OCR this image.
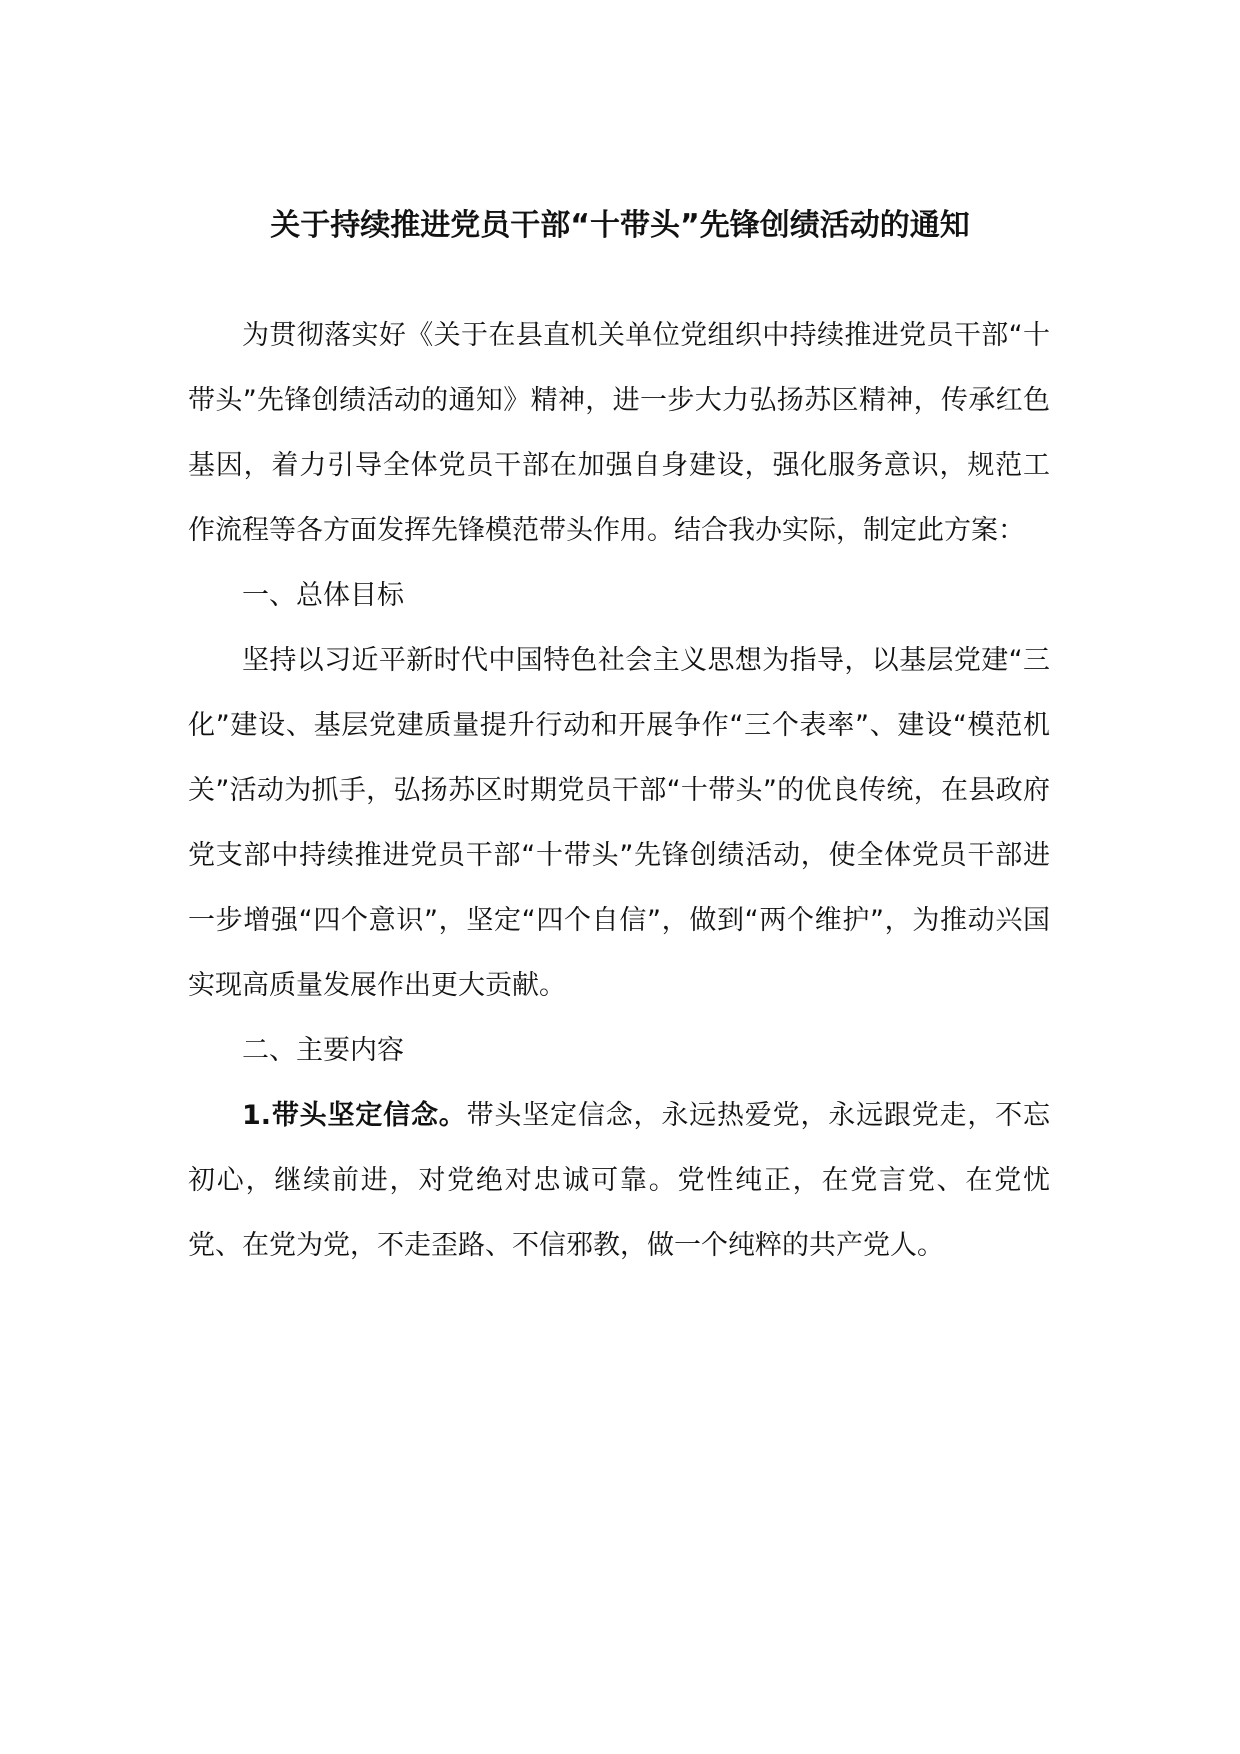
关于持续推进党员干部“十带头”先锋创绩活动的通知

为贯彻落实好《关于在县直机关单位党组织中持续推进党员干部“十带头”先锋创绩活动的通知》精神，进一步大力弘扬苏区精神，传承红色基因，着力引导全体党员干部在加强自身建设，强化服务意识，规范工作流程等各方面发挥先锋模范带头作用。结合我办实际，制定此方案：

一、总体目标

坚持以习近平新时代中国特色社会主义思想为指导，以基层党建“三化”建设、基层党建质量提升行动和开展争作“三个表率”、建设“模范机关”活动为抓手，弘扬苏区时期党员干部“十带头”的优良传统，在县政府党支部中持续推进党员干部“十带头”先锋创绩活动，使全体党员干部进一步增强“四个意识”，坚定“四个自信”，做到“两个维护”，为推动兴国实现高质量发展作出更大贡献。

二、主要内容

1.带头坚定信念。带头坚定信念，永远热爱党，永远跟党走，不忘初心，继续前进，对党绝对忠诚可靠。党性纯正，在党言党、在党忧党、在党为党，不走歪路、不信邪教，做一个纯粹的共产党人。
